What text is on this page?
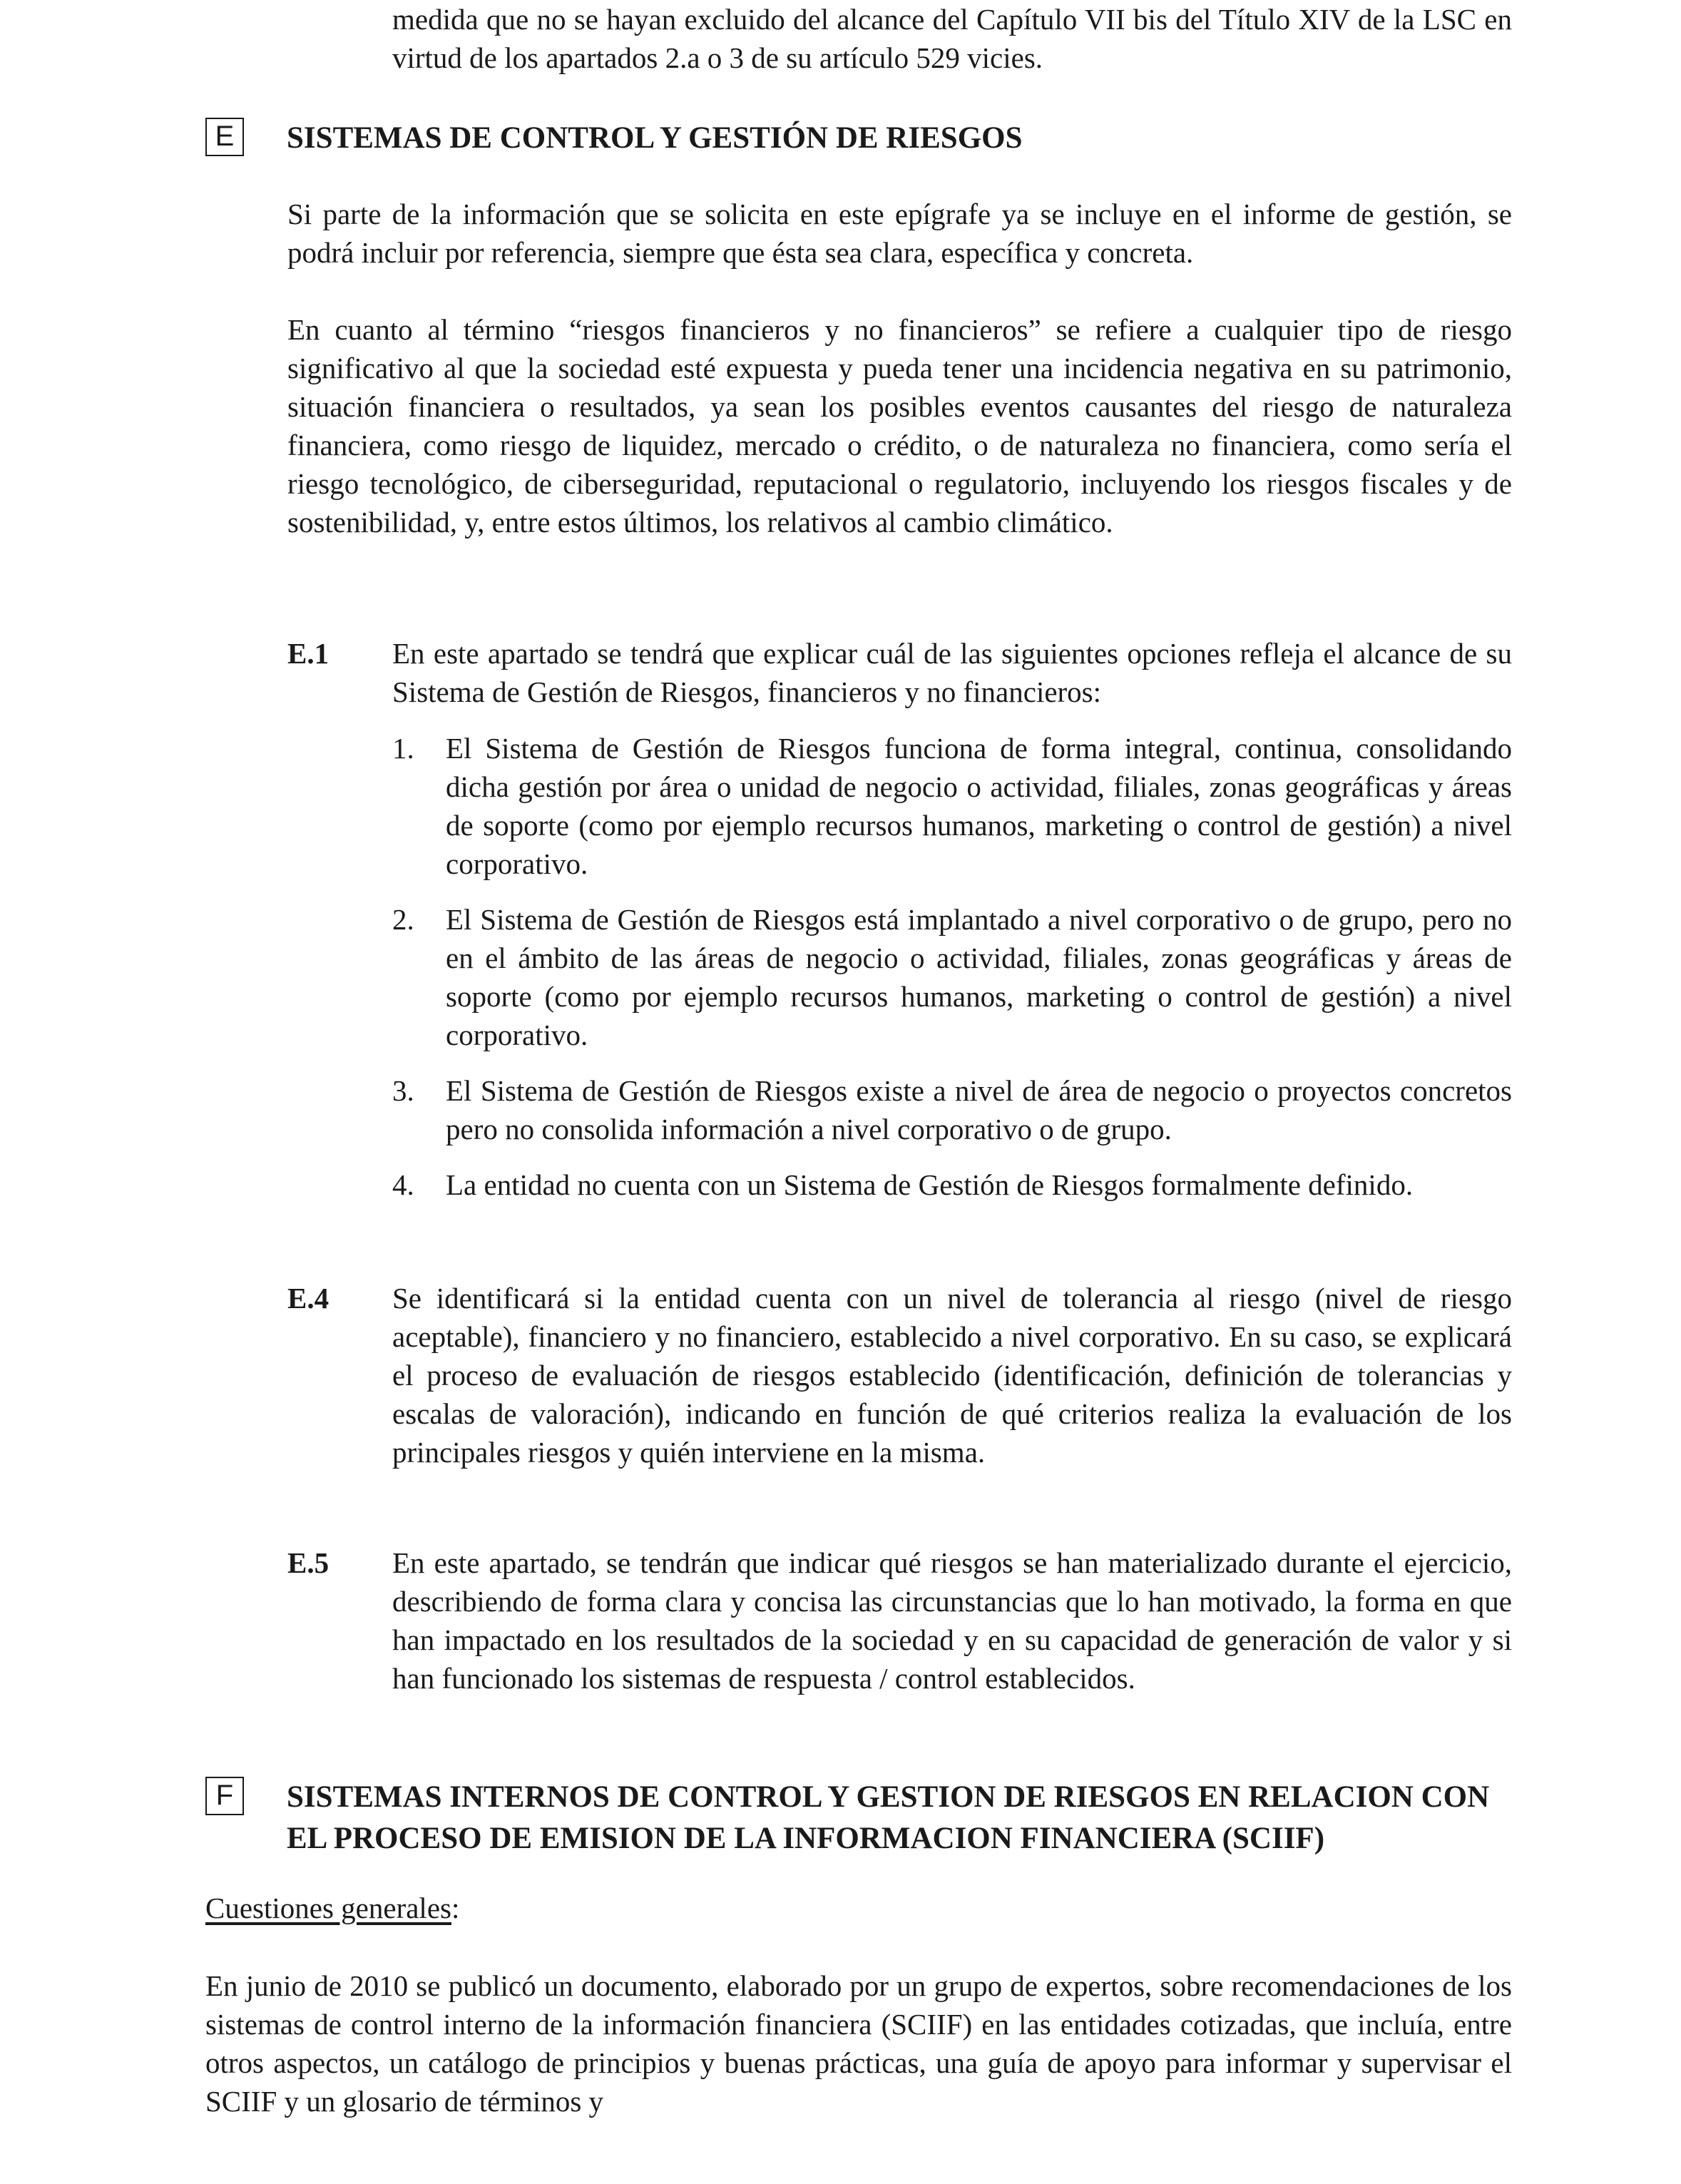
medida que no se hayan excluido del alcance del Capítulo VII bis del Título XIV de la LSC en virtud de los apartados 2.a o 3 de su artículo 529 vicies.

E	SISTEMAS DE CONTROL Y GESTIÓN DE RIESGOS

Si parte de la información que se solicita en este epígrafe ya se incluye en el informe de gestión, se podrá incluir por referencia, siempre que ésta sea clara, específica y concreta.

En cuanto al término “riesgos financieros y no financieros” se refiere a cualquier tipo de riesgo significativo al que la sociedad esté expuesta y pueda tener una incidencia negativa en su patrimonio, situación financiera o resultados, ya sean los posibles eventos causantes del riesgo de naturaleza financiera, como riesgo de liquidez, mercado o crédito, o de naturaleza no financiera, como sería el riesgo tecnológico, de ciberseguridad, reputacional o regulatorio, incluyendo los riesgos fiscales y de sostenibilidad, y, entre estos últimos, los relativos al cambio climático.

E.1 En este apartado se tendrá que explicar cuál de las siguientes opciones refleja el alcance de su Sistema de Gestión de Riesgos, financieros y no financieros:

1. El Sistema de Gestión de Riesgos funciona de forma integral, continua, consolidando dicha gestión por área o unidad de negocio o actividad, filiales, zonas geográficas y áreas de soporte (como por ejemplo recursos humanos, marketing o control de gestión) a nivel corporativo.

2. El Sistema de Gestión de Riesgos está implantado a nivel corporativo o de grupo, pero no en el ámbito de las áreas de negocio o actividad, filiales, zonas geográficas y áreas de soporte (como por ejemplo recursos humanos, marketing o control de gestión) a nivel corporativo.

3. El Sistema de Gestión de Riesgos existe a nivel de área de negocio o proyectos concretos pero no consolida información a nivel corporativo o de grupo.

4. La entidad no cuenta con un Sistema de Gestión de Riesgos formalmente definido.

E.4 Se identificará si la entidad cuenta con un nivel de tolerancia al riesgo (nivel de riesgo aceptable), financiero y no financiero, establecido a nivel corporativo. En su caso, se explicará el proceso de evaluación de riesgos establecido (identificación, definición de tolerancias y escalas de valoración), indicando en función de qué criterios realiza la evaluación de los principales riesgos y quién interviene en la misma.

E.5 En este apartado, se tendrán que indicar qué riesgos se han materializado durante el ejercicio, describiendo de forma clara y concisa las circunstancias que lo han motivado, la forma en que han impactado en los resultados de la sociedad y en su capacidad de generación de valor y si han funcionado los sistemas de respuesta / control establecidos.

F	SISTEMAS INTERNOS DE CONTROL Y GESTION DE RIESGOS EN RELACION CON EL PROCESO DE EMISION DE LA INFORMACION FINANCIERA (SCIIF)

Cuestiones generales:

En junio de 2010 se publicó un documento, elaborado por un grupo de expertos, sobre recomendaciones de los sistemas de control interno de la información financiera (SCIIF) en las entidades cotizadas, que incluía, entre otros aspectos, un catálogo de principios y buenas prácticas, una guía de apoyo para informar y supervisar el SCIIF y un glosario de términos y
